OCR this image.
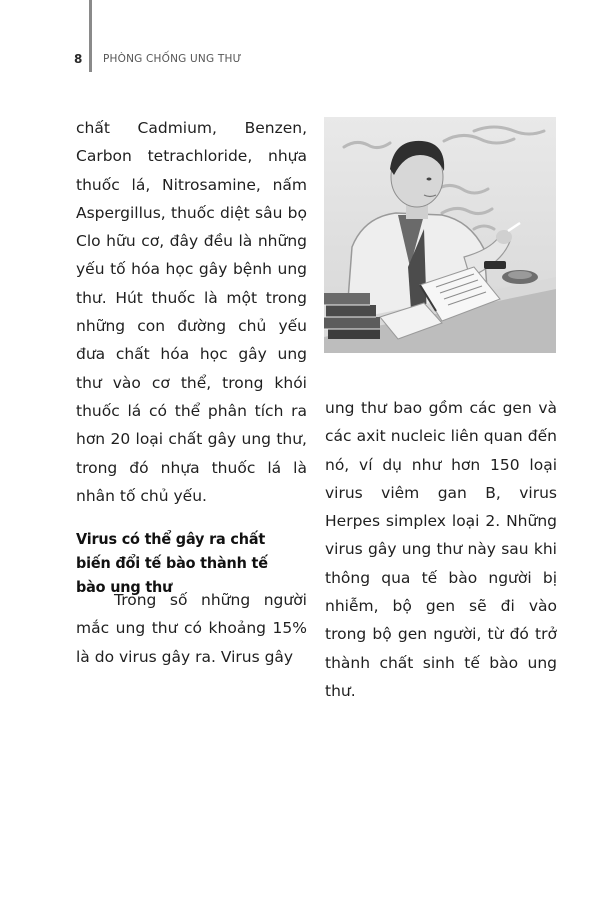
8 PHÒNG CHỐNG UNG THƯ

chất Cadmium, Benzen, Carbon tetrachloride, nhựa thuốc lá, Nitrosamine, nấm Aspergillus, thuốc diệt sâu bọ Clo hữu cơ, đây đều là những yếu tố hóa học gây bệnh ung thư. Hút thuốc là một trong những con đường chủ yếu đưa chất hóa học gây ung thư vào cơ thể, trong khói thuốc lá có thể phân tích ra hơn 20 loại chất gây ung thư, trong đó nhựa thuốc lá là nhân tố chủ yếu.

Virus có thể gây ra chất biến đổi tế bào thành tế bào ung thư

Trong số những người mắc ung thư có khoảng 15% là do virus gây ra. Virus gây

ung thư bao gồm các gen và các axit nucleic liên quan đến nó, ví dụ như hơn 150 loại virus viêm gan B, virus Herpes simplex loại 2. Những virus gây ung thư này sau khi thông qua tế bào người bị nhiễm, bộ gen sẽ đi vào trong bộ gen người, từ đó trở thành chất sinh tế bào ung thư.
